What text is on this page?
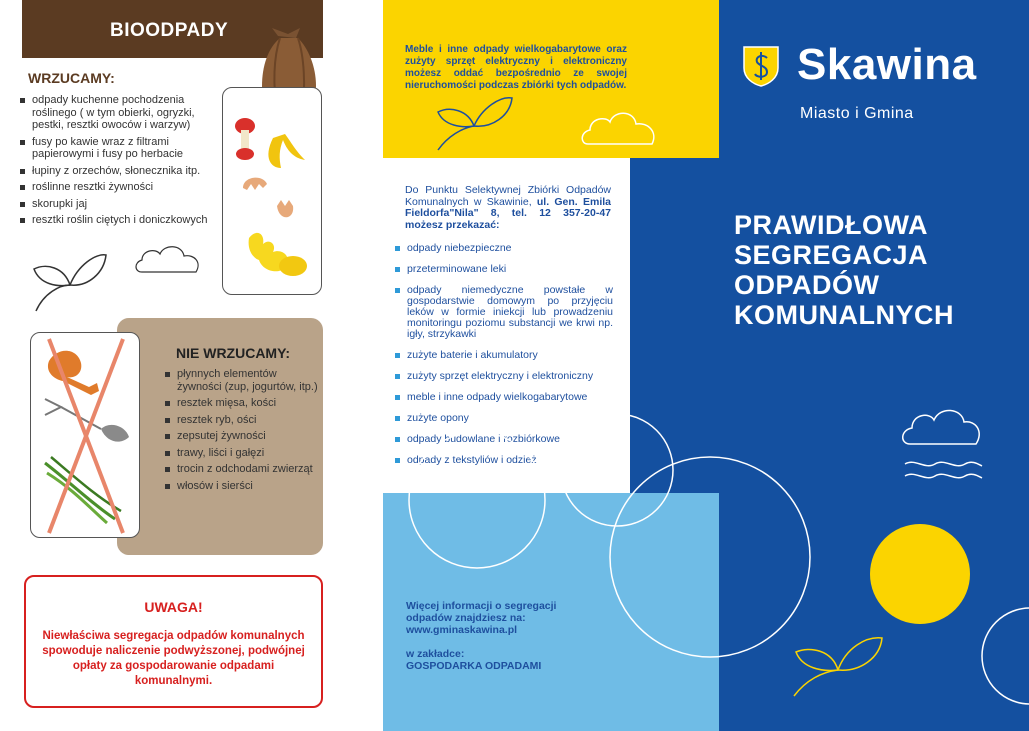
BIOODPADY
WRZUCAMY:
odpady kuchenne pochodzenia roślinego ( w tym obierki, ogryzki, pestki, resztki owoców i warzyw)
fusy po kawie wraz z filtrami papierowymi i fusy po herbacie
łupiny z orzechów, słonecznika itp.
roślinne resztki żywności
skorupki jaj
resztki roślin ciętych i doniczkowych
NIE WRZUCAMY:
płynnych elementów żywności (zup, jogurtów, itp.)
resztek mięsa, kości
resztek ryb, ości
zepsutej żywności
trawy, liści i gałęzi
trocin z odchodami zwierząt
włosów i sierści
UWAGA!
Niewłaściwa segregacja odpadów komunalnych spowoduje naliczenie podwyższonej, podwójnej opłaty za gospodarowanie odpadami komunalnymi.
Meble i inne odpady wielkogabarytowe oraz zużyty sprzęt elektryczny i elektroniczny możesz oddać bezpośrednio ze swojej nieruchomości podczas zbiórki tych odpadów.
Do Punktu Selektywnej Zbiórki Odpadów Komunalnych w Skawinie, ul. Gen. Emila Fieldorfa"Nila" 8, tel. 12 357-20-47 możesz przekazać:
odpady niebezpieczne
przeterminowane leki
odpady niemedyczne powstałe w gospodarstwie domowym po przyjęciu leków w formie iniekcji lub prowadzeniu monitoringu poziomu substancji we krwi np. igły, strzykawki
zużyte baterie i akumulatory
zużyty sprzęt elektryczny i elektroniczny
meble i inne odpady wielkogabarytowe
zużyte opony
odpady budowlane i rozbiórkowe
odpady z tekstyliów i odzież
Więcej informacji o segregacji odpadów znajdziesz na:
www.gminaskawina.pl
w zakładce:
GOSPODARKA ODPADAMI
Skawina
Miasto i Gmina
PRAWIDŁOWA
SEGREGACJA
ODPADÓW
KOMUNALNYCH
